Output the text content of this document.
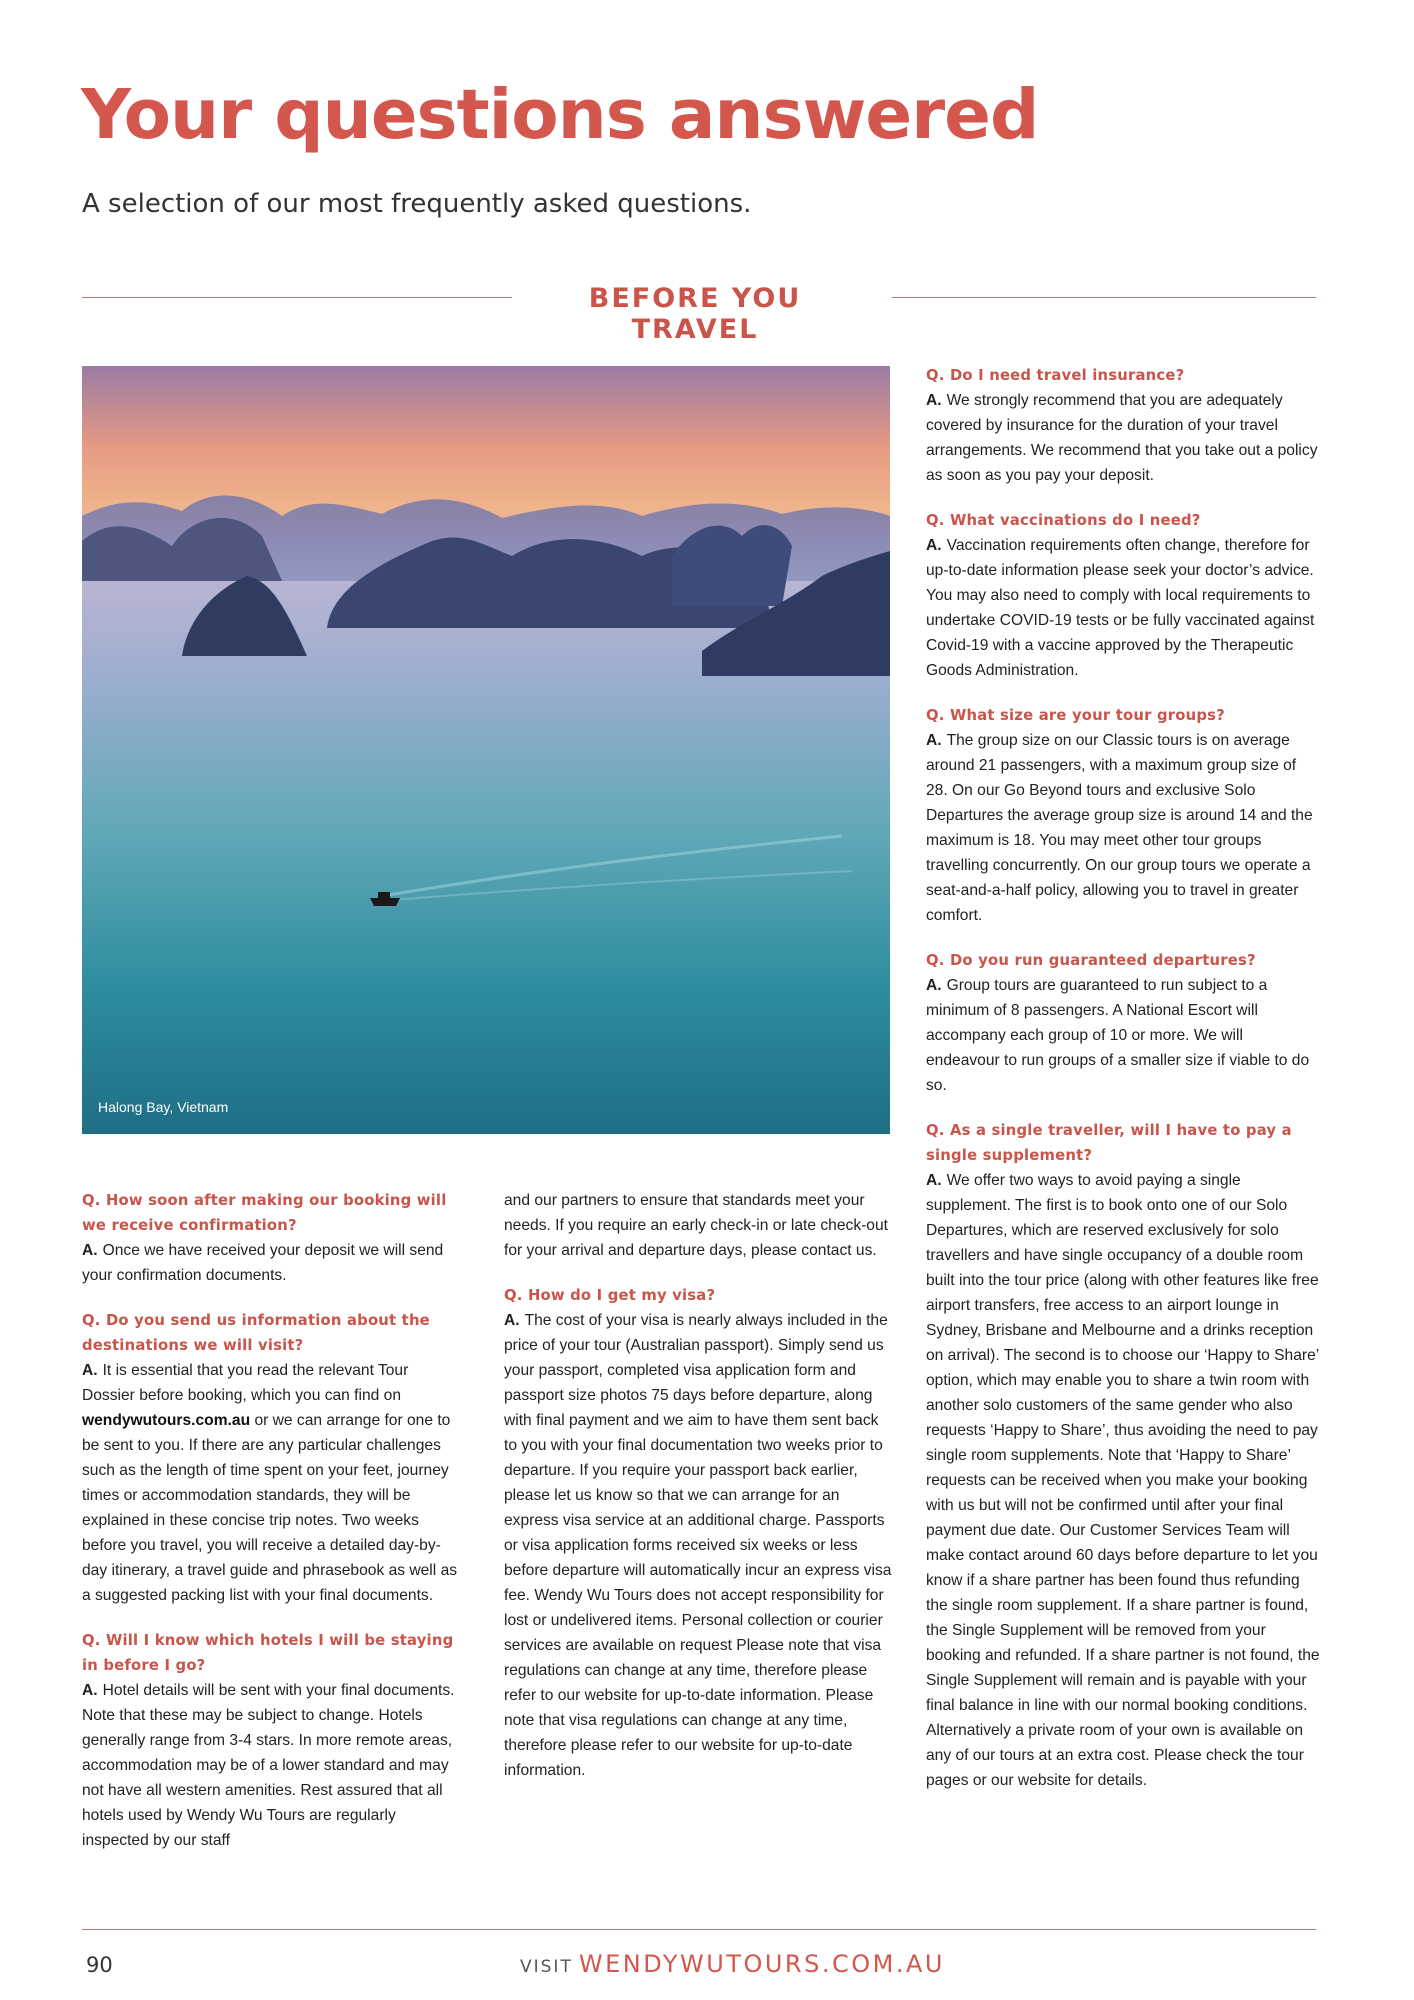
Your questions answered

A selection of our most frequently asked questions.

BEFORE YOU TRAVEL
Halong Bay, Vietnam

Q. How soon after making our booking will we receive confirmation?

A. Once we have received your deposit we will send your confirmation documents.

Q. Do you send us information about the destinations we will visit?

A. It is essential that you read the relevant Tour Dossier before booking, which you can find on wendywutours.com.au or we can arrange for one to be sent to you. If there are any particular challenges such as the length of time spent on your feet, journey times or accommodation standards, they will be explained in these concise trip notes. Two weeks before you travel, you will receive a detailed day-by-day itinerary, a travel guide and phrasebook as well as a suggested packing list with your final documents.

Q. Will I know which hotels I will be staying in before I go?

A. Hotel details will be sent with your final documents. Note that these may be subject to change. Hotels generally range from 3-4 stars. In more remote areas, accommodation may be of a lower standard and may not have all western amenities. Rest assured that all hotels used by Wendy Wu Tours are regularly inspected by our staff

and our partners to ensure that standards meet your needs. If you require an early check-in or late check-out for your arrival and departure days, please contact us.

Q. How do I get my visa?

A. The cost of your visa is nearly always included in the price of your tour (Australian passport). Simply send us your passport, completed visa application form and passport size photos 75 days before departure, along with final payment and we aim to have them sent back to you with your final documentation two weeks prior to departure. If you require your passport back earlier, please let us know so that we can arrange for an express visa service at an additional charge. Passports or visa application forms received six weeks or less before departure will automatically incur an express visa fee. Wendy Wu Tours does not accept responsibility for lost or undelivered items. Personal collection or courier services are available on request Please note that visa regulations can change at any time, therefore please refer to our website for up-to-date information. Please note that visa regulations can change at any time, therefore please refer to our website for up-to-date information.

Q. Do I need travel insurance?

A. We strongly recommend that you are adequately covered by insurance for the duration of your travel arrangements. We recommend that you take out a policy as soon as you pay your deposit.

Q. What vaccinations do I need?

A. Vaccination requirements often change, therefore for up-to-date information please seek your doctor’s advice. You may also need to comply with local requirements to undertake COVID-19 tests or be fully vaccinated against Covid-19 with a vaccine approved by the Therapeutic Goods Administration.

Q. What size are your tour groups?

A. The group size on our Classic tours is on average around 21 passengers, with a maximum group size of 28. On our Go Beyond tours and exclusive Solo Departures the average group size is around 14 and the maximum is 18. You may meet other tour groups travelling concurrently. On our group tours we operate a seat-and-a-half policy, allowing you to travel in greater comfort.

Q. Do you run guaranteed departures?

A. Group tours are guaranteed to run subject to a minimum of 8 passengers. A National Escort will accompany each group of 10 or more. We will endeavour to run groups of a smaller size if viable to do so.

Q. As a single traveller, will I have to pay a single supplement?

A. We offer two ways to avoid paying a single supplement. The first is to book onto one of our Solo Departures, which are reserved exclusively for solo travellers and have single occupancy of a double room built into the tour price (along with other features like free airport transfers, free access to an airport lounge in Sydney, Brisbane and Melbourne and a drinks reception on arrival). The second is to choose our ‘Happy to Share’ option, which may enable you to share a twin room with another solo customers of the same gender who also requests ‘Happy to Share’, thus avoiding the need to pay single room supplements. Note that ‘Happy to Share’ requests can be received when you make your booking with us but will not be confirmed until after your final payment due date. Our Customer Services Team will make contact around 60 days before departure to let you know if a share partner has been found thus refunding the single room supplement. If a share partner is found, the Single Supplement will be removed from your booking and refunded. If a share partner is not found, the Single Supplement will remain and is payable with your final balance in line with our normal booking conditions. Alternatively a private room of your own is available on any of our tours at an extra cost. Please check the tour pages or our website for details.

90	VISIT WENDYWUTOURS.COM.AU
